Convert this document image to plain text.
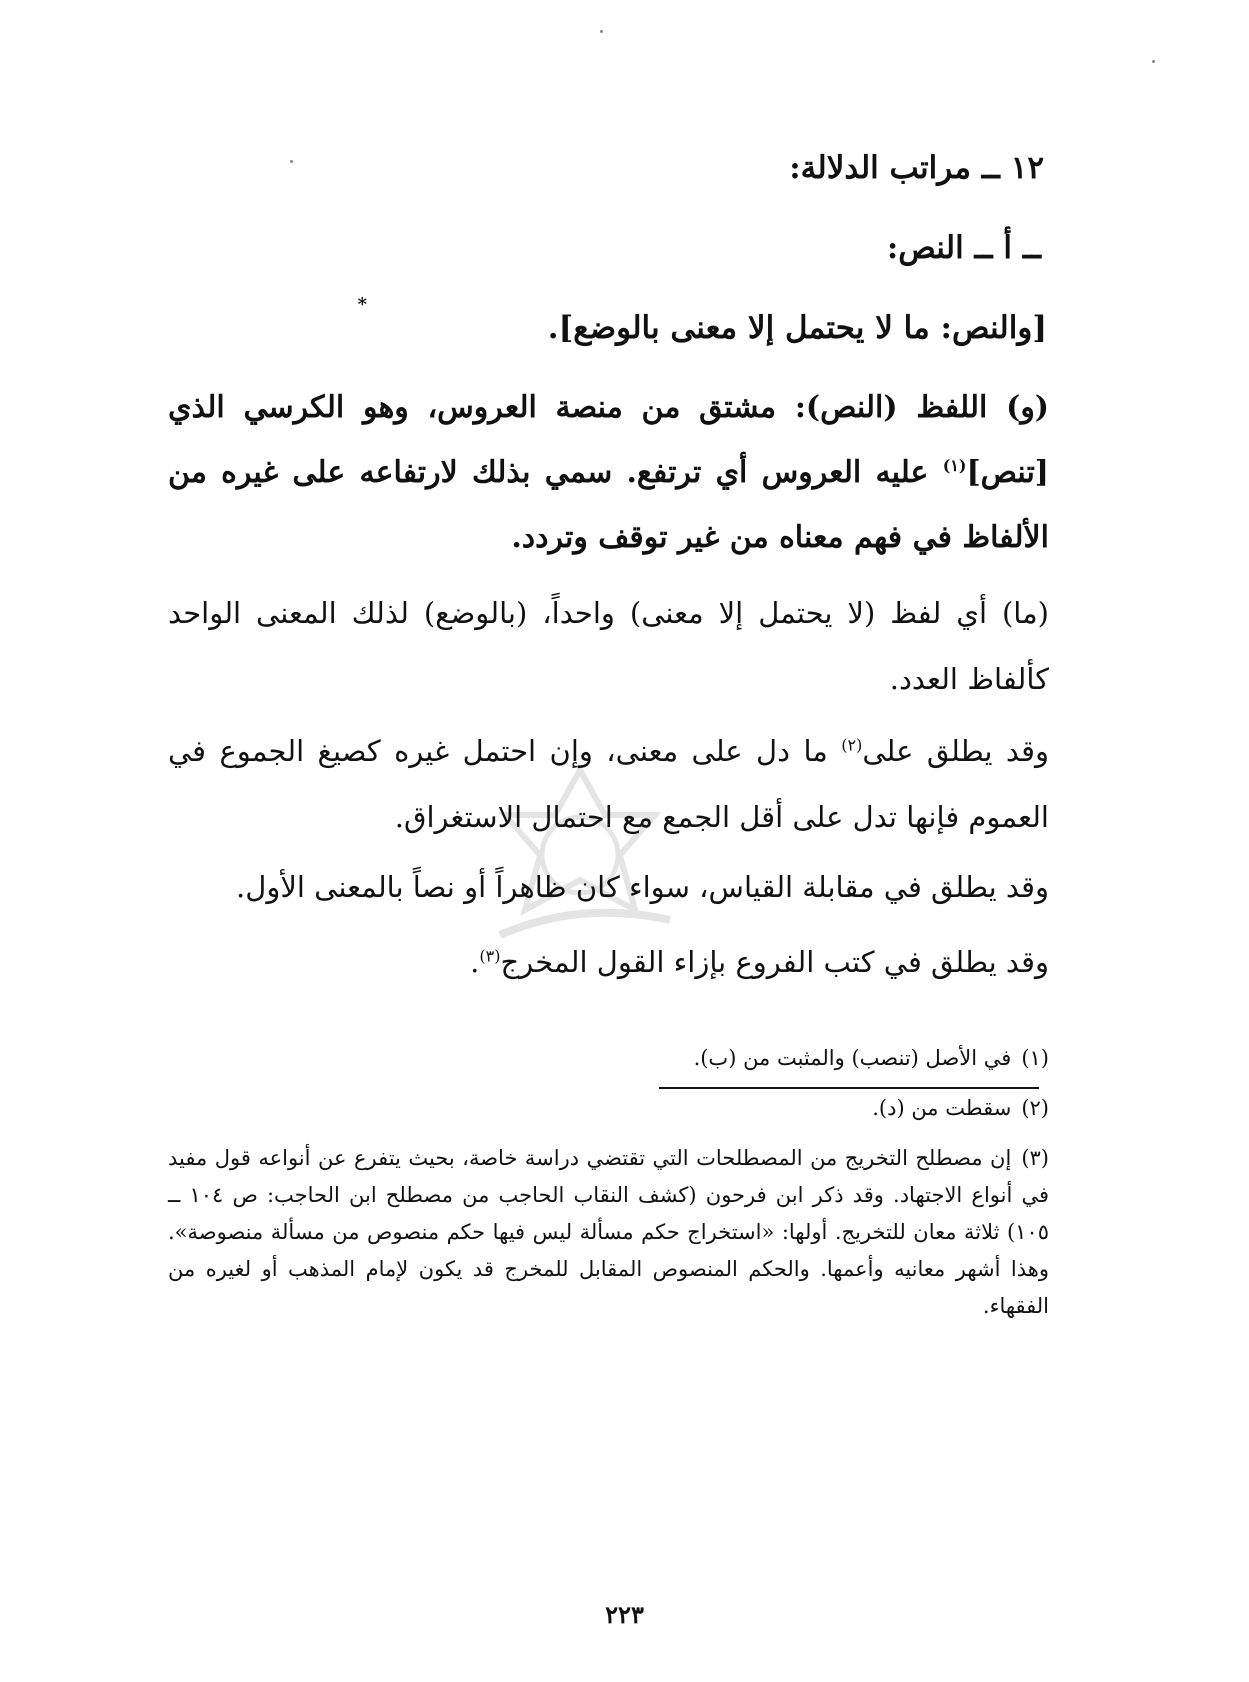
١٢ ــ مراتب الدلالة:
ــ أ ــ النص:
*
[والنص: ما لا يحتمل إلا معنى بالوضع].
(و) اللفظ (النص): مشتق من منصة العروس، وهو الكرسي الذي [تنص]$^{(١)}$ عليه العروس أي ترتفع. سمي بذلك لارتفاعه على غيره من الألفاظ في فهم معناه من غير توقف وتردد.
(ما) أي لفظ (لا يحتمل إلا معنى) واحداً، (بالوضع) لذلك المعنى الواحد كألفاظ العدد.
وقد يطلق على$^{(٢)}$ ما دل على معنى، وإن احتمل غيره كصيغ الجموع في العموم فإنها تدل على أقل الجمع مع احتمال الاستغراق.
وقد يطلق في مقابلة القياس، سواء كان ظاهراً أو نصاً بالمعنى الأول.
وقد يطلق في كتب الفروع بإزاء القول المخرج$^{(٣)}$.
(١)في الأصل (تنصب) والمثبت من (ب).
(٢)سقطت من (د).
(٣)إن مصطلح التخريج من المصطلحات التي تقتضي دراسة خاصة، بحيث يتفرع عن أنواعه قول مفيد في أنواع الاجتهاد. وقد ذكر ابن فرحون (كشف النقاب الحاجب من مصطلح ابن الحاجب: ص ١٠٤ ــ ١٠٥) ثلاثة معان للتخريج. أولها: «استخراج حكم مسألة ليس فيها حكم منصوص من مسألة منصوصة». وهذا أشهر معانيه وأعمها. والحكم المنصوص المقابل للمخرج قد يكون لإمام المذهب أو لغيره من الفقهاء.
٢٢٣
